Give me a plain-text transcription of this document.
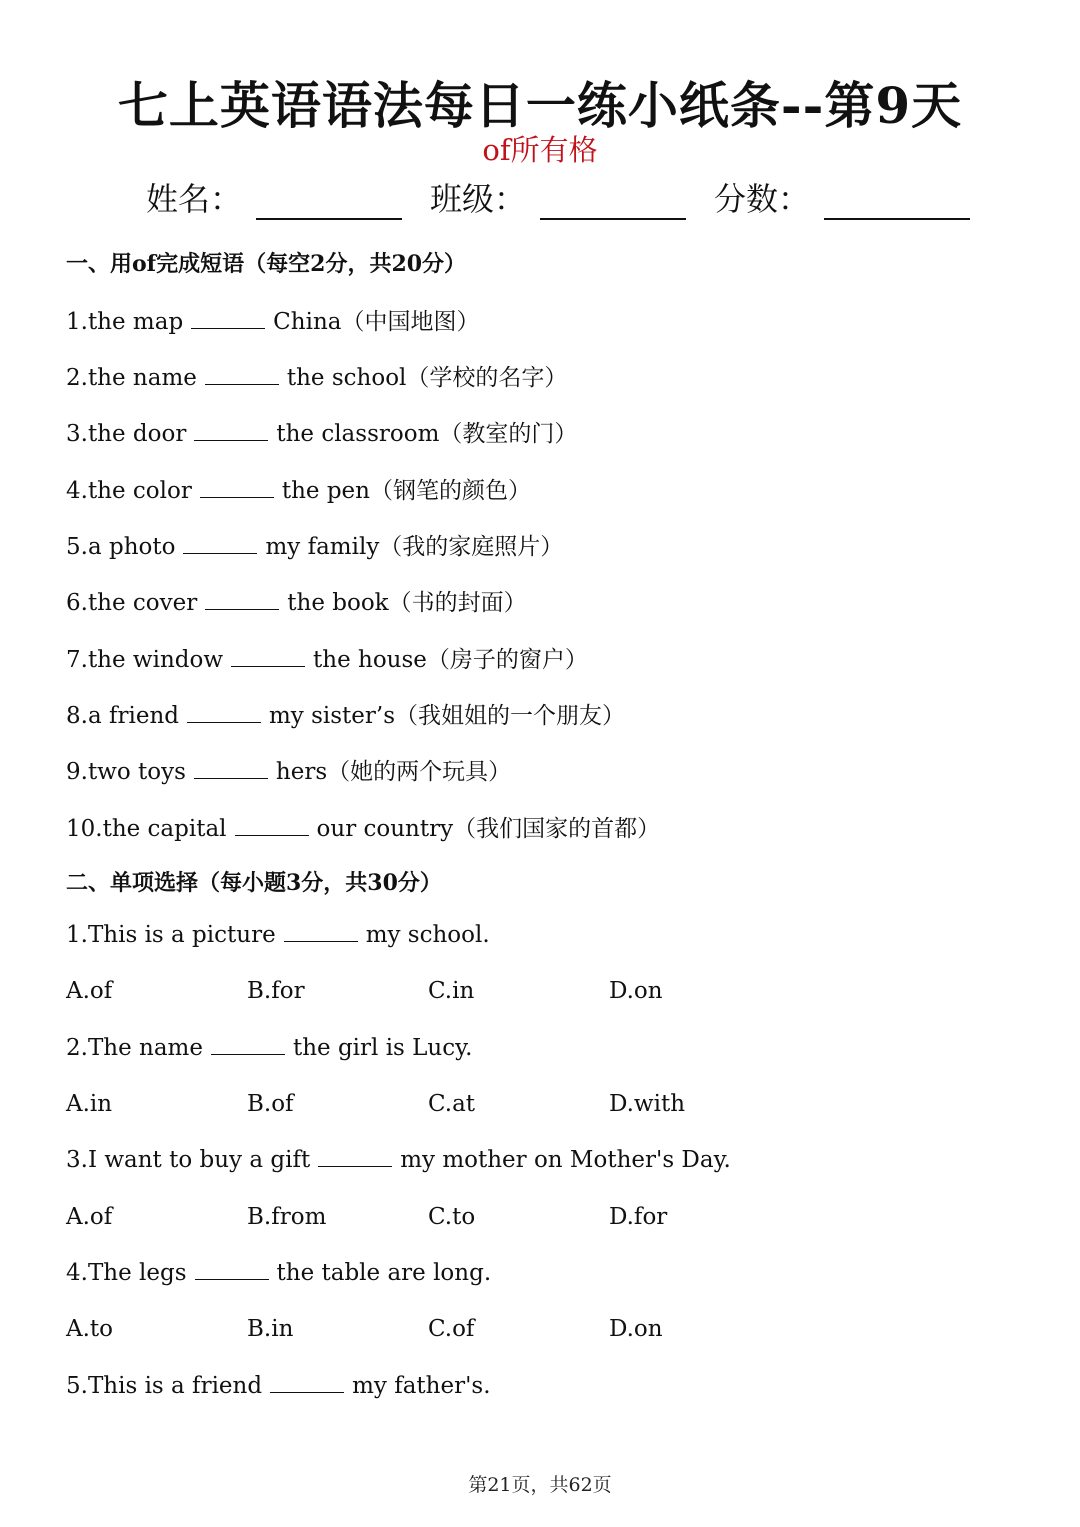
七上英语语法每日一练小纸条--第9天
of所有格
姓名：	班级：	分数：
一、用of完成短语（每空2分，共20分）
1.the map	China（中国地图）
2.the name	the school（学校的名字）
3.the door	the classroom（教室的门）
4.the color	the pen（钢笔的颜色）
5.a photo	my family（我的家庭照片）
6.the cover	the book（书的封面）
7.the window	the house（房子的窗户）
8.a friend	my sister’s（我姐姐的一个朋友）
9.two toys	hers（她的两个玩具）
10.the capital	our country（我们国家的首都）
二、单项选择（每小题3分，共30分）
1.This is a picture	my school.
A.of	B.for	C.in	D.on
2.The name	the girl is Lucy.
A.in	B.of	C.at	D.with
3.I want to buy a gift	my mother on Mother's Day.
A.of	B.from	C.to	D.for
4.The legs	the table are long.
A.to	B.in	C.of	D.on
5.This is a friend	my father's.
第21页，共62页
